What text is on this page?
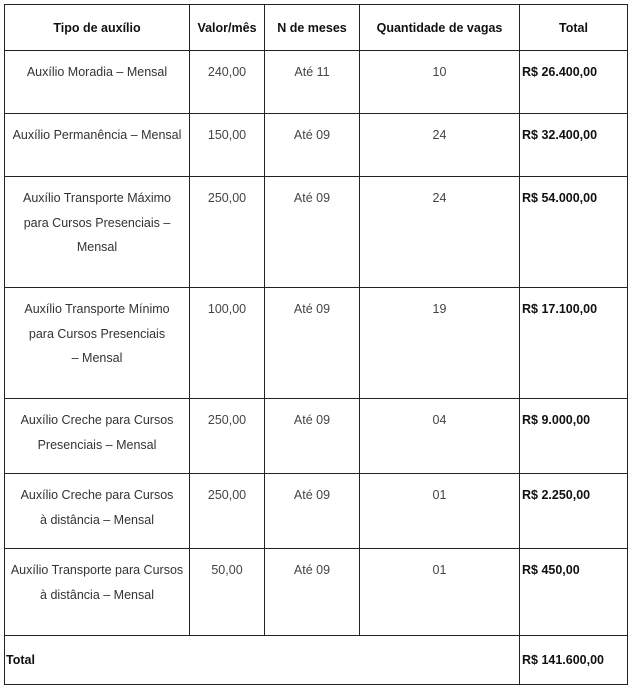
Tipo de auxílio	Valor/mês	N de meses	Quantidade de vagas	Total
Auxílio Moradia – Mensal	240,00	Até 11	10	R$ 26.400,00
Auxílio Permanência – Mensal	150,00	Até 09	24	R$ 32.400,00
Auxílio Transporte Máximo
para Cursos Presenciais –
Mensal	250,00	Até 09	24	R$ 54.000,00
Auxílio Transporte Mínimo
para Cursos Presenciais
– Mensal	100,00	Até 09	19	R$ 17.100,00
Auxílio Creche para Cursos
Presenciais – Mensal	250,00	Até 09	04	R$ 9.000,00
Auxílio Creche para Cursos
à distância – Mensal	250,00	Até 09	01	R$ 2.250,00
Auxílio Transporte para Cursos
à distância – Mensal	50,00	Até 09	01	R$ 450,00
Total				R$ 141.600,00
